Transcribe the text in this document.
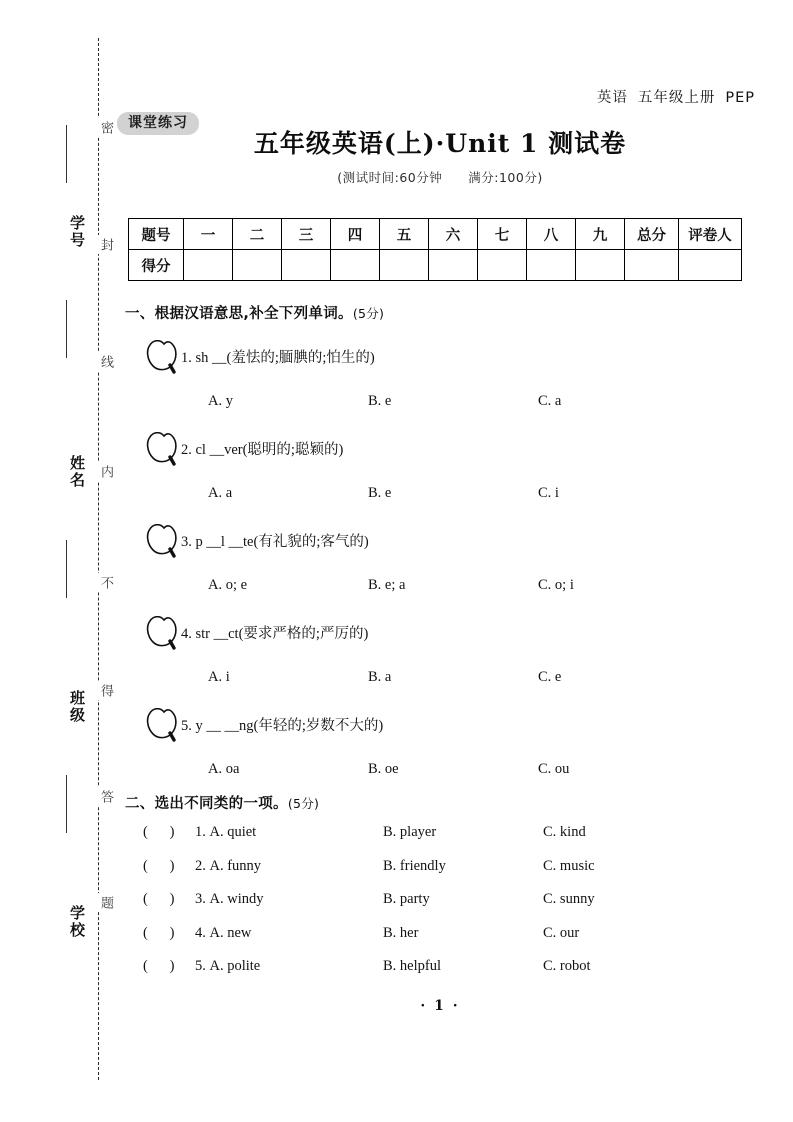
密
封
线
内
不
得
答
题
学号
姓名
班级
学校
英语 五年级上册 PEP
课堂练习
五年级英语(上)·Unit 1 测试卷
(测试时间:60分钟 满分:100分)
题号	一	二	三	四	五	六	七	八	九	总分	评卷人
得分											
一、根据汉语意思,补全下列单词。(5分)
1. sh __(羞怯的;腼腆的;怕生的)
A. y	B. e	C. a
2. cl __ver(聪明的;聪颖的)
A. a	B. e	C. i
3. p __l __te(有礼貌的;客气的)
A. o; e	B. e; a	C. o; i
4. str __ct(要求严格的;严厉的)
A. i	B. a	C. e
5. y __ __ng(年轻的;岁数不大的)
A. oa	B. oe	C. ou
二、选出不同类的一项。(5分)
(      ) 1. A. quiet	B. player	C. kind
(      ) 2. A. funny	B. friendly	C. music
(      ) 3. A. windy	B. party	C. sunny
(      ) 4. A. new	B. her	C. our
(      ) 5. A. polite	B. helpful	C. robot
· 1 ·
